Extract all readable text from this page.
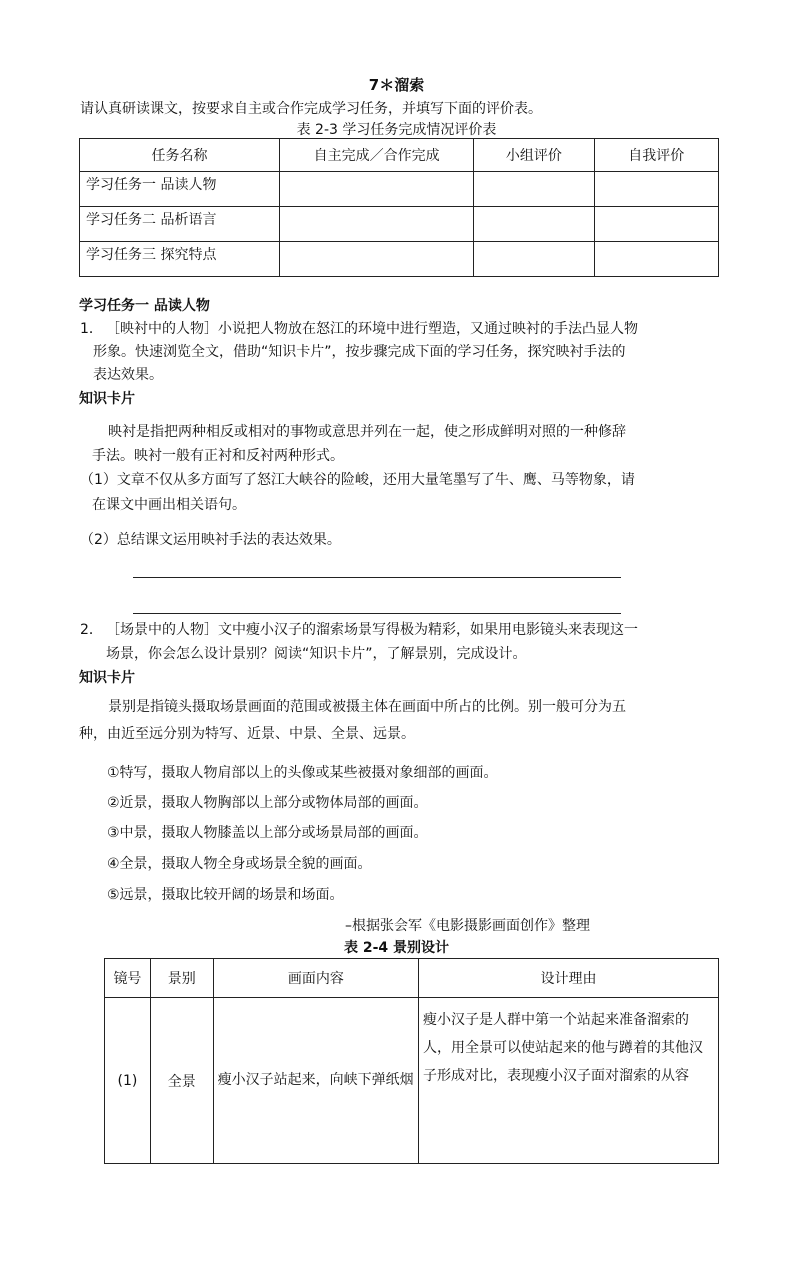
7＊溜索
请认真研读课文，按要求自主或合作完成学习任务，并填写下面的评价表。
表 2-3 学习任务完成情况评价表
任务名称	自主完成／合作完成	小组评价	自我评价
学习任务一 品读人物			
学习任务二 品析语言			
学习任务三 探究特点			
学习任务一 品读人物
1． ［映衬中的人物］小说把人物放在怒江的环境中进行塑造，又通过映衬的手法凸显人物
形象。快速浏览全文，借助“知识卡片”，按步骤完成下面的学习任务，探究映衬手法的
表达效果。
知识卡片
映衬是指把两种相反或相对的事物或意思并列在一起，使之形成鲜明对照的一种修辞
手法。映衬一般有正衬和反衬两种形式。
（1）文章不仅从多方面写了怒江大峡谷的险峻，还用大量笔墨写了牛、鹰、马等物象，请
在课文中画出相关语句。
（2）总结课文运用映衬手法的表达效果。
2． ［场景中的人物］文中瘦小汉子的溜索场景写得极为精彩，如果用电影镜头来表现这一
场景，你会怎么设计景别？阅读“知识卡片”，了解景别，完成设计。
知识卡片
景别是指镜头摄取场景画面的范围或被摄主体在画面中所占的比例。别一般可分为五
种，由近至远分别为特写、近景、中景、全景、远景。
①特写，摄取人物肩部以上的头像或某些被摄对象细部的画面。
②近景，摄取人物胸部以上部分或物体局部的画面。
③中景，摄取人物膝盖以上部分或场景局部的画面。
④全景，摄取人物全身或场景全貌的画面。
⑤远景，摄取比较开阔的场景和场面。
–根据张会军《电影摄影画面创作》整理
表 2-4 景别设计
镜号	景别	画面内容	设计理由
(1)	全景	瘦小汉子站起来，向峡下弹纸烟	瘦小汉子是人群中第一个站起来准备溜索的人，用全景可以使站起来的他与蹲着的其他汉子形成对比，表现瘦小汉子面对溜索的从容
